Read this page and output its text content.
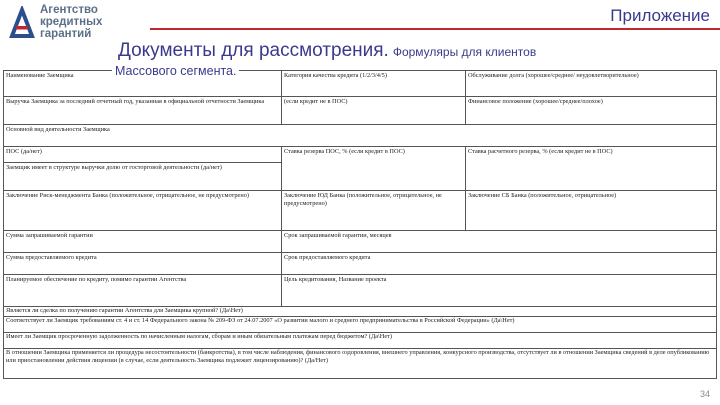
Агентство
кредитных
гарантий
Приложение
Документы для рассмотрения. Формуляры для клиентов
Массового сегмента.
Наименование Заемщика	Категория качества кредита (1/2/3/4/5)	Обслуживание долга (хорошее/среднее/ неудовлетворительное)
Выручка Заемщика за последний отчетный год, указанная в официальной отчетности Заемщика	(если кредит не в ПОС)	Финансовое положение (хорошее/среднее/плохое)
Основной вид деятельности Заемщика		

ПОС (да/нет)
Заемщик имеет в структуре выручки долю от госторговой деятельности (да/нет)	Ставка резерва ПОС, % (если кредит в ПОС)	Ставка расчетного резерва, % (если кредит не в ПОС)
Заключение Риск-менеджмента Банка (положительное, отрицательное, не предусмотрено)	Заключение ЮД Банка (положительное, отрицательное, не предусмотрено)	Заключение СБ Банка (положительное, отрицательное)
Сумма запрашиваемой гарантии	Срок запрашиваемой гарантии, месяцев	
Сумма предоставляемого кредита	Срок предоставляемого кредита	
Планируемое обеспечение по кредиту, помимо гарантии Агентства	Цель кредитования, Название проекта	
Является ли сделка по получению гарантии Агентства для Заемщика крупной? (Да\Нет)		
Соответствует ли Заемщик требованиям ст. 4 и ст. 14 Федерального закона № 209-ФЗ от 24.07.2007 «О развитии малого и среднего предпринимательства в Российской Федерации» (Да\Нет)		
Имеет ли Заемщик просроченную задолженность по начисленным налогам, сборам и иным обязательным платежам перед бюджетом? (Да\Нет)		
В отношении Заемщика применяется ли процедура несостоятельности (банкротства), в том числе наблюдения, финансового оздоровления, внешнего управления, конкурсного производства, отсутствует ли в отношении Заемщика сведений в деле опубликованию или приостановлении действия лицензии (в случае, если деятельность Заемщика подлежит лицензированию)? (Да/Нет)		
34
